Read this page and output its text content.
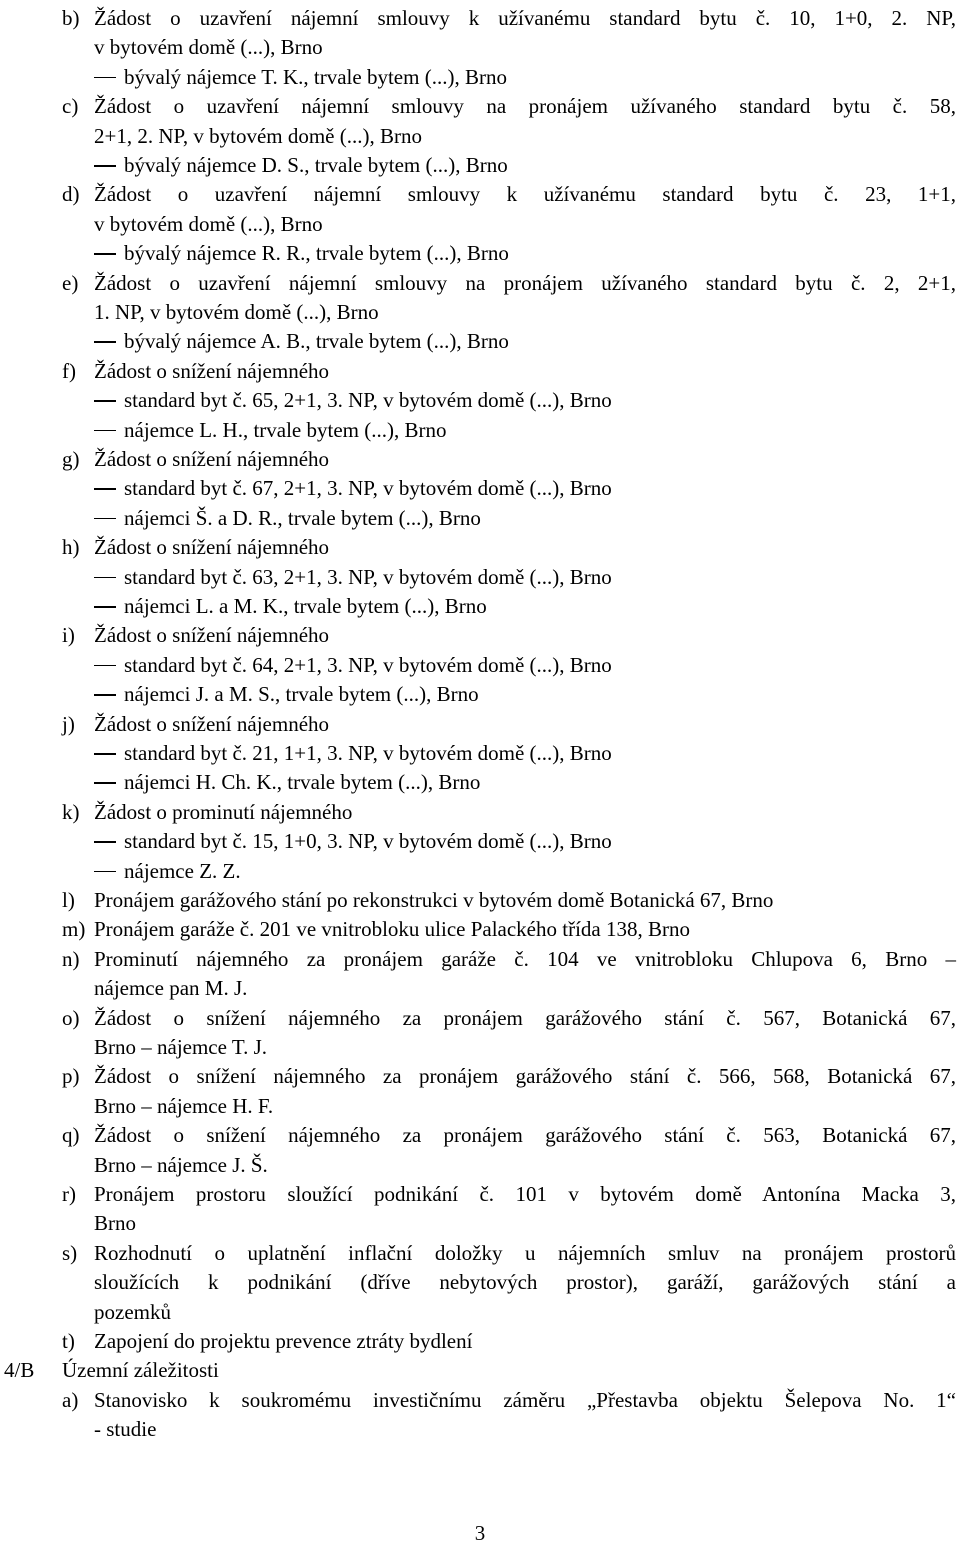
b) Žádost o uzavření nájemní smlouvy k užívanému standard bytu č. 10, 1+0, 2. NP,
v bytovém domě (...), Brno
bývalý nájemce T. K., trvale bytem (...), Brno
c) Žádost o uzavření nájemní smlouvy na pronájem užívaného standard bytu č. 58,
2+1, 2. NP, v bytovém domě (...), Brno
bývalý nájemce D. S., trvale bytem (...), Brno
d) Žádost o uzavření nájemní smlouvy k užívanému standard bytu č. 23, 1+1,
v bytovém domě (...), Brno
bývalý nájemce R. R., trvale bytem (...), Brno
e) Žádost o uzavření nájemní smlouvy na pronájem užívaného standard bytu č. 2, 2+1,
1. NP, v bytovém domě (...), Brno
bývalý nájemce A. B., trvale bytem (...), Brno
f) Žádost o snížení nájemného
standard byt č. 65, 2+1, 3. NP, v bytovém domě (...), Brno
nájemce L. H., trvale bytem (...), Brno
g) Žádost o snížení nájemného
standard byt č. 67, 2+1, 3. NP, v bytovém domě (...), Brno
nájemci Š. a D. R., trvale bytem (...), Brno
h) Žádost o snížení nájemného
standard byt č. 63, 2+1, 3. NP, v bytovém domě (...), Brno
nájemci L. a M. K., trvale bytem (...), Brno
i) Žádost o snížení nájemného
standard byt č. 64, 2+1, 3. NP, v bytovém domě (...), Brno
nájemci J. a M. S., trvale bytem (...), Brno
j) Žádost o snížení nájemného
standard byt č. 21, 1+1, 3. NP, v bytovém domě (...), Brno
nájemci H. Ch. K., trvale bytem (...), Brno
k) Žádost o prominutí nájemného
standard byt č. 15, 1+0, 3. NP, v bytovém domě (...), Brno
nájemce Z. Z.
l) Pronájem garážového stání po rekonstrukci v bytovém domě Botanická 67, Brno
m) Pronájem garáže č. 201 ve vnitrobloku ulice Palackého třída 138, Brno
n) Prominutí nájemného za pronájem garáže č. 104 ve vnitrobloku Chlupova 6, Brno –
nájemce pan M. J.
o) Žádost o snížení nájemného za pronájem garážového stání č. 567, Botanická 67,
Brno – nájemce T. J.
p) Žádost o snížení nájemného za pronájem garážového stání č. 566, 568, Botanická 67,
Brno – nájemce H. F.
q) Žádost o snížení nájemného za pronájem garážového stání č. 563, Botanická 67,
Brno – nájemce J. Š.
r) Pronájem prostoru sloužící podnikání č. 101 v bytovém domě Antonína Macka 3,
Brno
s) Rozhodnutí o uplatnění inflační doložky u nájemních smluv na pronájem prostorů
sloužících k podnikání (dříve nebytových prostor), garáží, garážových stání a
pozemků
t) Zapojení do projektu prevence ztráty bydlení
4/B Územní záležitosti
a) Stanovisko k soukromému investičnímu záměru „Přestavba objektu Šelepova No. 1“
- studie
3
